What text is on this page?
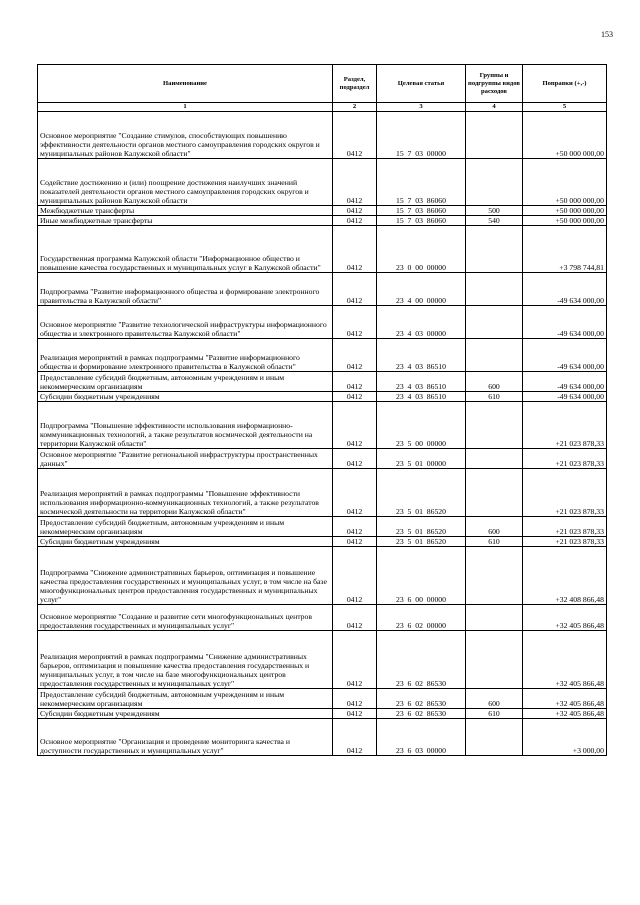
153
Наименование	Раздел, подраздел	Целевая статья	Группы и подгруппы видов расходов	Поправки (+,-)
1	2	3	4	5
Основное мероприятие "Создание стимулов, способствующих повышению эффективности деятельности органов местного самоуправления городских округов и муниципальных районов Калужской области"	0412	15  7  03  00000		+50 000 000,00
Содействие достижению и (или) поощрение достижения наилучших значений показателей деятельности органов местного самоуправления городских округов и муниципальных районов Калужской области	0412	15  7  03  86060		+50 000 000,00
Межбюджетные трансферты	0412	15  7  03  86060	500	+50 000 000,00
Иные межбюджетные трансферты	0412	15  7  03  86060	540	+50 000 000,00
Государственная программа Калужской области "Информационное общество и повышение качества государственных и муниципальных услуг в Калужской области"	0412	23  0  00  00000		+3 798 744,81
Подпрограмма "Развитие информационного общества и формирование электронного правительства в Калужской области"	0412	23  4  00  00000		-49 634 000,00
Основное мероприятие "Развитие технологической инфраструктуры информационного общества и электронного правительства Калужской области"	0412	23  4  03  00000		-49 634 000,00
Реализация мероприятий в рамках подпрограммы "Развитие информационного общества и формирование электронного правительства в Калужской области"	0412	23  4  03  86510		-49 634 000,00
Предоставление субсидий бюджетным, автономным учреждениям и иным некоммерческим организациям	0412	23  4  03  86510	600	-49 634 000,00
Субсидии бюджетным учреждениям	0412	23  4  03  86510	610	-49 634 000,00
Подпрограмма "Повышение эффективности использования информационно-коммуникационных технологий, а также результатов космической деятельности на территории Калужской области"	0412	23  5  00  00000		+21 023 878,33
Основное мероприятие "Развитие региональной инфраструктуры пространственных данных"	0412	23  5  01  00000		+21 023 878,33
Реализация мероприятий в рамках подпрограммы "Повышение эффективности использования информационно-коммуникационных технологий, а также результатов космической деятельности на территории Калужской области"	0412	23  5  01  86520		+21 023 878,33
Предоставление субсидий бюджетным, автономным учреждениям и иным некоммерческим организациям	0412	23  5  01  86520	600	+21 023 878,33
Субсидии бюджетным учреждениям	0412	23  5  01  86520	610	+21 023 878,33
Подпрограмма "Снижение административных барьеров, оптимизация и повышение качества предоставления государственных и муниципальных услуг, в том числе на базе многофункциональных центров предоставления государственных и муниципальных услуг"	0412	23  6  00  00000		+32 408 866,48
Основное мероприятие "Создание и развитие сети многофункциональных центров предоставления государственных и муниципальных услуг"	0412	23  6  02  00000		+32 405 866,48
Реализация мероприятий в рамках подпрограммы "Снижение административных барьеров, оптимизация и повышение качества предоставления государственных и муниципальных услуг, в том числе на базе многофункциональных центров предоставления государственных и муниципальных услуг"	0412	23  6  02  86530		+32 405 866,48
Предоставление субсидий бюджетным, автономным учреждениям и иным некоммерческим организациям	0412	23  6  02  86530	600	+32 405 866,48
Субсидии бюджетным учреждениям	0412	23  6  02  86530	610	+32 405 866,48
Основное мероприятие "Организация и проведение мониторинга качества и доступности государственных и муниципальных услуг"	0412	23  6  03  00000		+3 000,00
